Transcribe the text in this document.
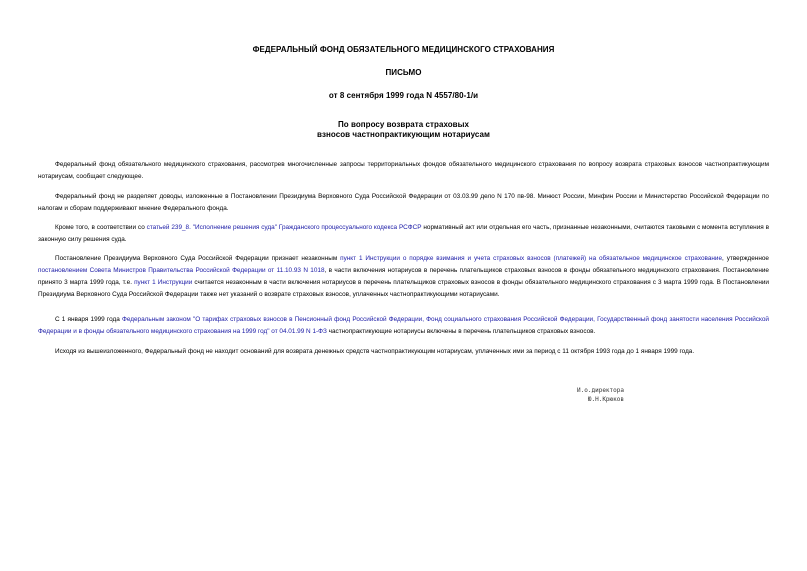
ФЕДЕРАЛЬНЫЙ ФОНД ОБЯЗАТЕЛЬНОГО МЕДИЦИНСКОГО СТРАХОВАНИЯ
ПИСЬМО
от 8 сентября 1999 года N 4557/80-1/и
По вопросу возврата страховых
взносов частнопрактикующим нотариусам
Федеральный фонд обязательного медицинского страхования, рассмотрев многочисленные запросы территориальных фондов обязательного медицинского страхования по вопросу возврата страховых взносов частнопрактикующим нотариусам, сообщает следующее.
Федеральный фонд не разделяет доводы, изложенные в Постановлении Президиума Верховного Суда Российской Федерации от 03.03.99 дело N 170 пв-98. Минюст России, Минфин России и Министерство Российской Федерации по налогам и сборам поддерживают мнение Федерального фонда.
Кроме того, в соответствии со статьей 239_8. "Исполнение решения суда" Гражданского процессуального кодекса РСФСР нормативный акт или отдельная его часть, признанные незаконными, считаются таковыми с момента вступления в законную силу решения суда.
Постановление Президиума Верховного Суда Российской Федерации признает незаконным пункт 1 Инструкции о порядке взимания и учета страховых взносов (платежей) на обязательное медицинское страхование, утвержденное постановлением Совета Министров Правительства Российской Федерации от 11.10.93 N 1018, в части включения нотариусов в перечень плательщиков страховых взносов в фонды обязательного медицинского страхования. Постановление принято 3 марта 1999 года, т.е. пункт 1 Инструкции считается незаконным в части включения нотариусов в перечень плательщиков страховых взносов в фонды обязательного медицинского страхования с 3 марта 1999 года. В Постановлении Президиума Верховного Суда Российской Федерации также нет указаний о возврате страховых взносов, уплаченных частнопрактикующими нотариусами.
С 1 января 1999 года Федеральным законом "О тарифах страховых взносов в Пенсионный фонд Российской Федерации, Фонд социального страхования Российской Федерации, Государственный фонд занятости населения Российской Федерации и в фонды обязательного медицинского страхования на 1999 год" от 04.01.99 N 1-ФЗ частнопрактикующие нотариусы включены в перечень плательщиков страховых взносов.
Исходя из вышеизложенного, Федеральный фонд не находит оснований для возврата денежных средств частнопрактикующим нотариусам, уплаченных ими за период с 11 октября 1993 года до 1 января 1999 года.
И.о.директора
Ю.Н.Крюков
